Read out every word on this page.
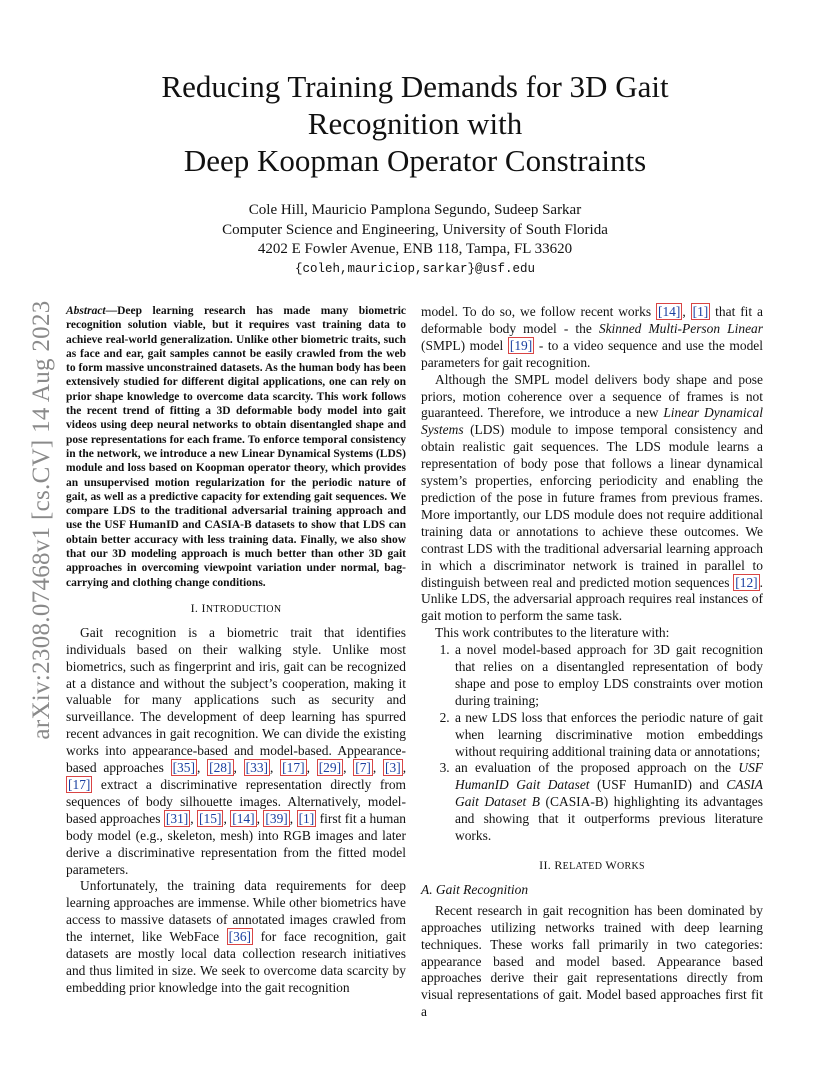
arXiv:2308.07468v1 [cs.CV] 14 Aug 2023
Reducing Training Demands for 3D Gait
Recognition with
Deep Koopman Operator Constraints
Cole Hill, Mauricio Pamplona Segundo, Sudeep Sarkar
Computer Science and Engineering, University of South Florida
4202 E Fowler Avenue, ENB 118, Tampa, FL 33620
{coleh,mauriciop,sarkar}@usf.edu

Abstract—Deep learning research has made many biometric recognition solution viable, but it requires vast training data to achieve real-world generalization. Unlike other biometric traits, such as face and ear, gait samples cannot be easily crawled from the web to form massive unconstrained datasets. As the human body has been extensively studied for different digital applications, one can rely on prior shape knowledge to overcome data scarcity. This work follows the recent trend of fitting a 3D deformable body model into gait videos using deep neural networks to obtain disentangled shape and pose representations for each frame. To enforce temporal consistency in the network, we introduce a new Linear Dynamical Systems (LDS) module and loss based on Koopman operator theory, which provides an unsupervised motion regularization for the periodic nature of gait, as well as a predictive capacity for extending gait sequences. We compare LDS to the traditional adversarial training approach and use the USF HumanID and CASIA-B datasets to show that LDS can obtain better accuracy with less training data. Finally, we also show that our 3D modeling approach is much better than other 3D gait approaches in overcoming viewpoint variation under normal, bag-carrying and clothing change conditions.

I. INTRODUCTION

Gait recognition is a biometric trait that identifies individuals based on their walking style. Unlike most biometrics, such as fingerprint and iris, gait can be recognized at a distance and without the subject’s cooperation, making it valuable for many applications such as security and surveillance. The development of deep learning has spurred recent advances in gait recognition. We can divide the existing works into appearance-based and model-based. Appearance-based approaches [35] , [28] , [33] , [17] , [29] , [7] , [3] , [17] extract a discriminative representation directly from sequences of body silhouette images. Alternatively, model-based approaches [31] , [15] , [14] , [39] , [1] first fit a human body model (e.g., skeleton, mesh) into RGB images and later derive a discriminative representation from the fitted model parameters.

Unfortunately, the training data requirements for deep learning approaches are immense. While other biometrics have access to massive datasets of annotated images crawled from the internet, like WebFace [36] for face recognition, gait datasets are mostly local data collection research initiatives and thus limited in size. We seek to overcome data scarcity by embedding prior knowledge into the gait recognition

model. To do so, we follow recent works [14] , [1] that fit a deformable body model - the Skinned Multi-Person Linear (SMPL) model [19] - to a video sequence and use the model parameters for gait recognition.

Although the SMPL model delivers body shape and pose priors, motion coherence over a sequence of frames is not guaranteed. Therefore, we introduce a new Linear Dynamical Systems (LDS) module to impose temporal consistency and obtain realistic gait sequences. The LDS module learns a representation of body pose that follows a linear dynamical system’s properties, enforcing periodicity and enabling the prediction of the pose in future frames from previous frames. More importantly, our LDS module does not require additional training data or annotations to achieve these outcomes. We contrast LDS with the traditional adversarial learning approach in which a discriminator network is trained in parallel to distinguish between real and predicted motion sequences [12] . Unlike LDS, the adversarial approach requires real instances of gait motion to perform the same task.

This work contributes to the literature with:

1. a novel model-based approach for 3D gait recognition that relies on a disentangled representation of body shape and pose to employ LDS constraints over motion during training;
2. a new LDS loss that enforces the periodic nature of gait when learning discriminative motion embeddings without requiring additional training data or annotations;
3. an evaluation of the proposed approach on the USF HumanID Gait Dataset (USF HumanID) and CASIA Gait Dataset B (CASIA-B) highlighting its advantages and showing that it outperforms previous literature works.
II. RELATED WORKS
A. Gait Recognition

Recent research in gait recognition has been dominated by approaches utilizing networks trained with deep learning techniques. These works fall primarily in two categories: appearance based and model based. Appearance based approaches derive their gait representations directly from visual representations of gait. Model based approaches first fit a
